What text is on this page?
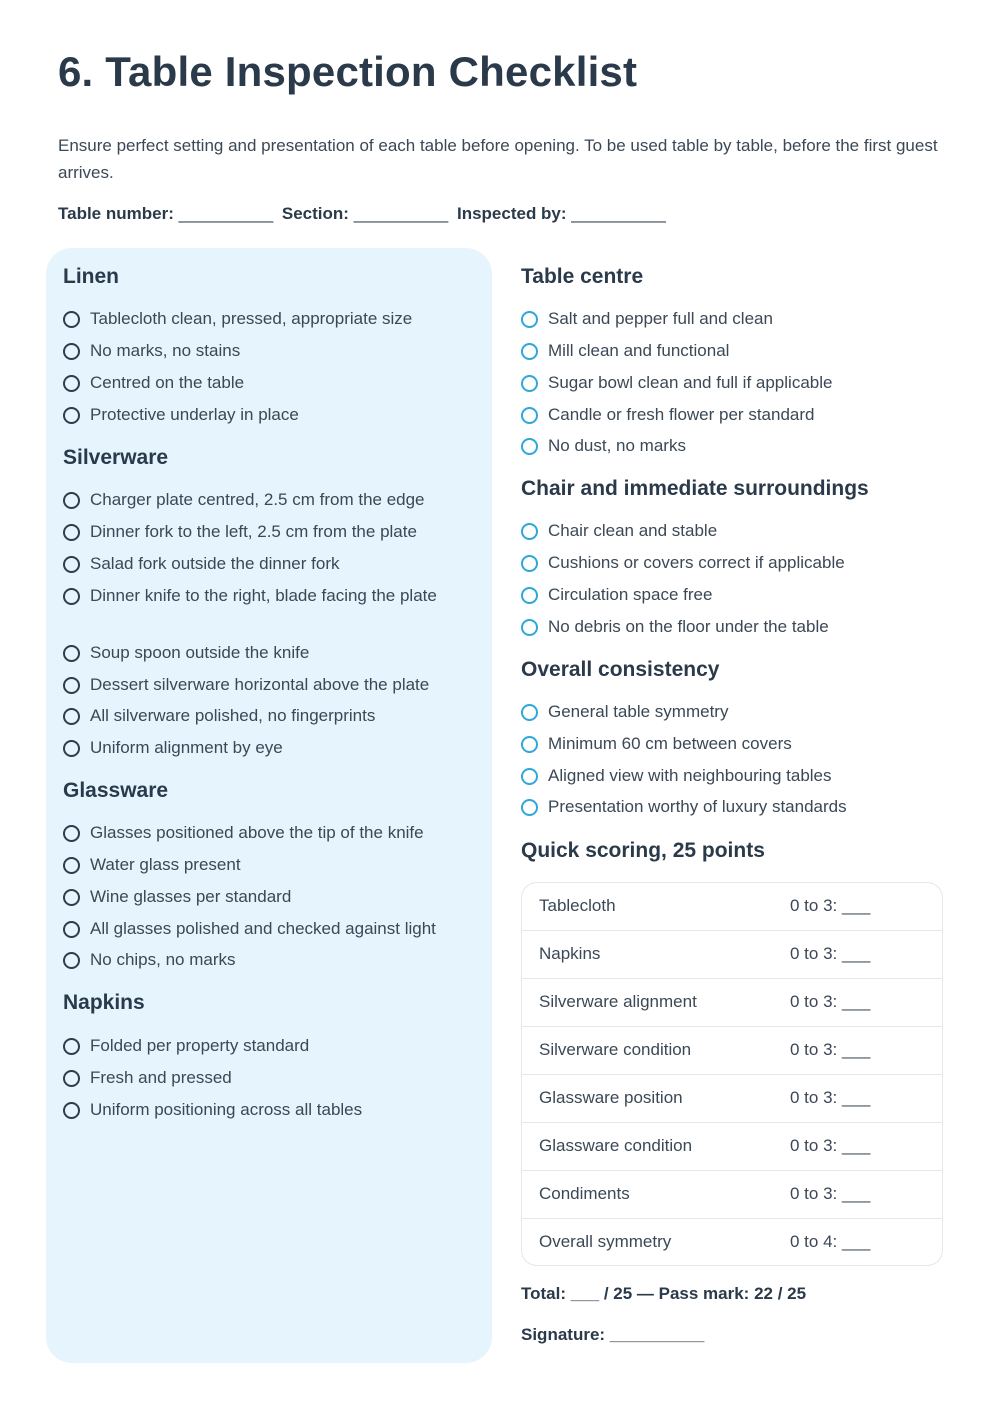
6. Table Inspection Checklist

Ensure perfect setting and presentation of each table before opening. To be used table by table, before the first guest arrives.

Table number: __________ Section: __________ Inspected by: __________
Linen
Tablecloth clean, pressed, appropriate size
No marks, no stains
Centred on the table
Protective underlay in place
Silverware
Charger plate centred, 2.5 cm from the edge
Dinner fork to the left, 2.5 cm from the plate
Salad fork outside the dinner fork
Dinner knife to the right, blade facing the plate
Soup spoon outside the knife
Dessert silverware horizontal above the plate
All silverware polished, no fingerprints
Uniform alignment by eye
Glassware
Glasses positioned above the tip of the knife
Water glass present
Wine glasses per standard
All glasses polished and checked against light
No chips, no marks
Napkins
Folded per property standard
Fresh and pressed
Uniform positioning across all tables
Table centre
Salt and pepper full and clean
Mill clean and functional
Sugar bowl clean and full if applicable
Candle or fresh flower per standard
No dust, no marks
Chair and immediate surroundings
Chair clean and stable
Cushions or covers correct if applicable
Circulation space free
No debris on the floor under the table
Overall consistency
General table symmetry
Minimum 60 cm between covers
Aligned view with neighbouring tables
Presentation worthy of luxury standards
Quick scoring, 25 points
Tablecloth	0 to 3: ___
Napkins	0 to 3: ___
Silverware alignment	0 to 3: ___
Silverware condition	0 to 3: ___
Glassware position	0 to 3: ___
Glassware condition	0 to 3: ___
Condiments	0 to 3: ___
Overall symmetry	0 to 4: ___
Total: ___ / 25 — Pass mark: 22 / 25
Signature: __________
